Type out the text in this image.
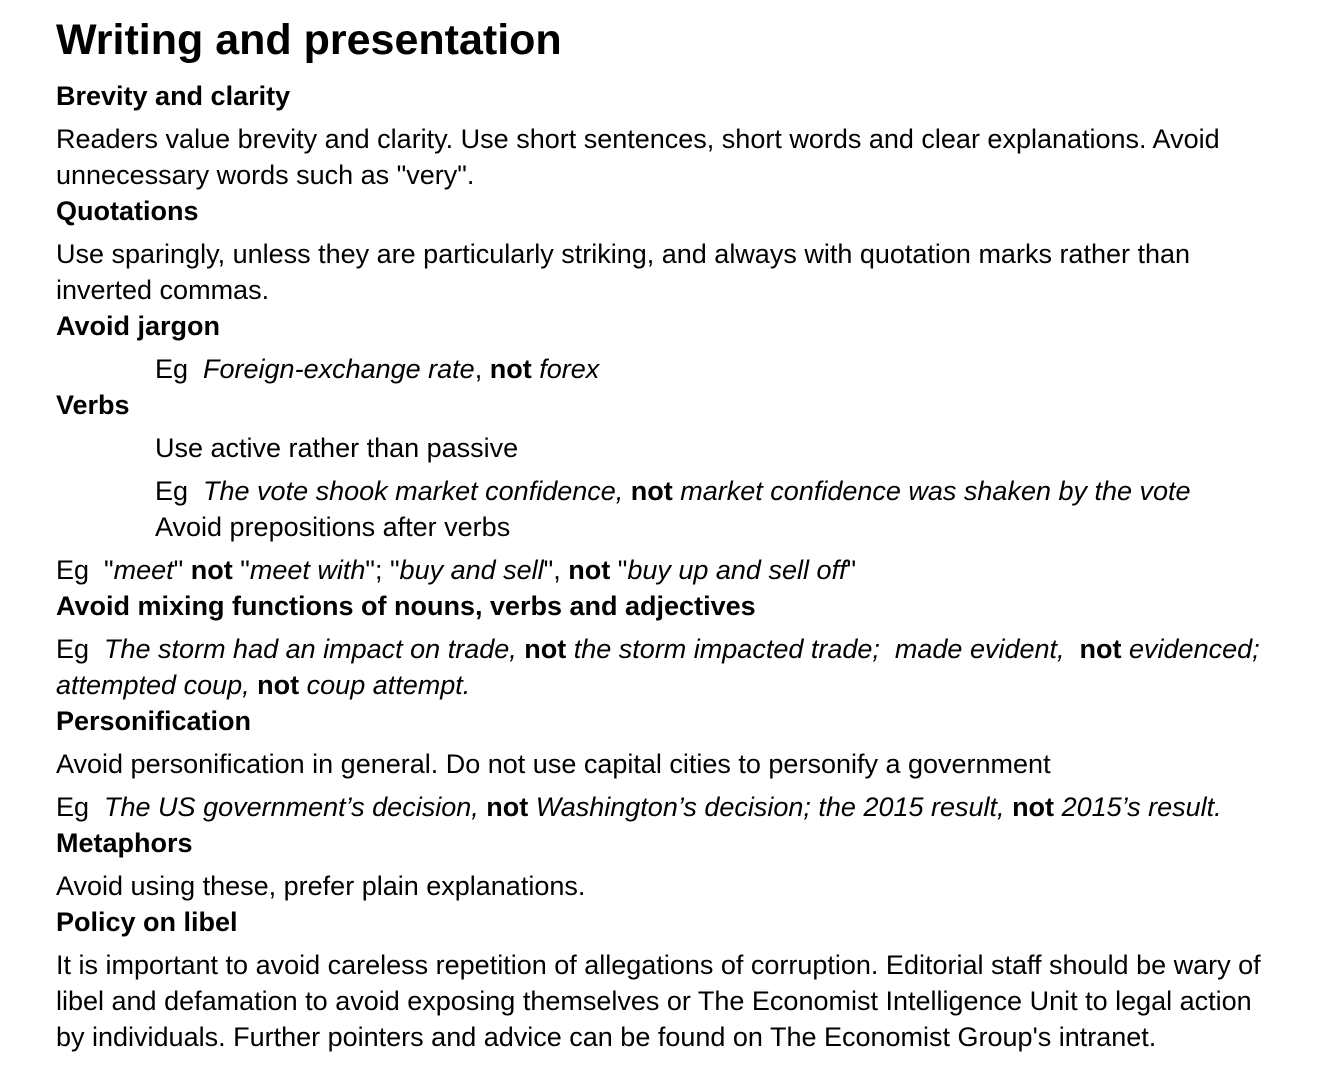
Writing and presentation
Brevity and clarity

Readers value brevity and clarity. Use short sentences, short words and clear explanations. Avoid unnecessary words such as "very".

Quotations

Use sparingly, unless they are particularly striking, and always with quotation marks rather than inverted commas.

Avoid jargon

Eg  Foreign-exchange rate, not forex

Verbs

Use active rather than passive

Eg  The vote shook market confidence, not market confidence was shaken by the vote
Avoid prepositions after verbs

Eg  "meet" not "meet with"; "buy and sell", not "buy up and sell off"

Avoid mixing functions of nouns, verbs and adjectives

Eg  The storm had an impact on trade, not the storm impacted trade;  made evident, not evidenced; attempted coup, not coup attempt.

Personification

Avoid personification in general. Do not use capital cities to personify a government

Eg  The US government’s decision, not Washington’s decision; the 2015 result, not 2015’s result.

Metaphors

Avoid using these, prefer plain explanations.

Policy on libel

It is important to avoid careless repetition of allegations of corruption. Editorial staff should be wary of libel and defamation to avoid exposing themselves or The Economist Intelligence Unit to legal action by individuals. Further pointers and advice can be found on The Economist Group's intranet.
